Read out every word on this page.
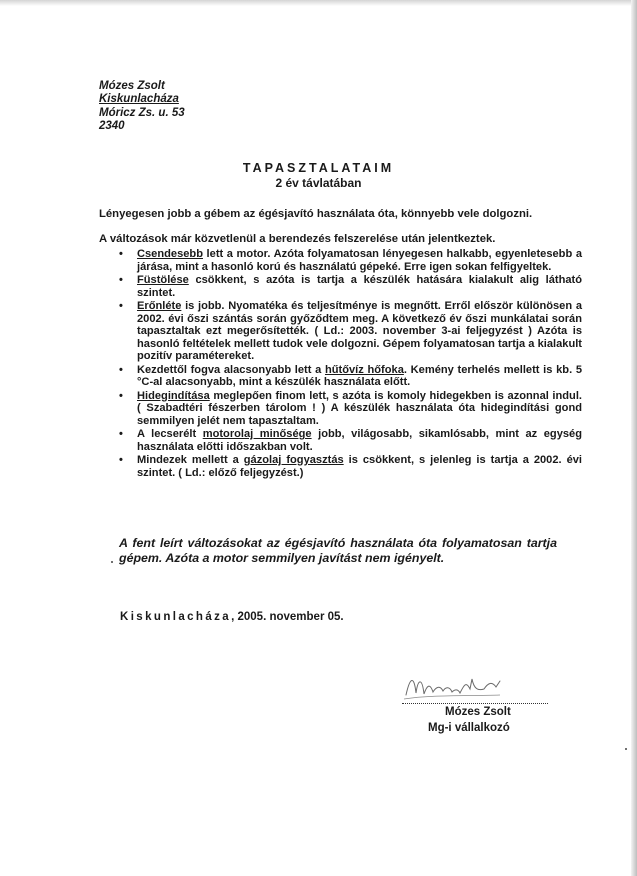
Mózes Zsolt
Kiskunlacháza
Móricz Zs. u. 53
2340
TAPASZTALATAIM
2 év távlatában
Lényegesen jobb a gébem az égésjavító használata óta, könnyebb vele dolgozni.
A változások már közvetlenül a berendezés felszerelése után jelentkeztek.
• Csendesebb lett a motor. Azóta folyamatosan lényegesen halkabb, egyenletesebb a járása, mint a hasonló korú és használatú gépeké. Erre igen sokan felfigyeltek.
• Füstölése csökkent, s azóta is tartja a készülék hatására kialakult alig látható szintet.
• Erőnléte is jobb. Nyomatéka és teljesítménye is megnőtt. Erről először különösen a 2002. évi őszi szántás során győződtem meg. A következő év őszi munkálatai során tapasztaltak ezt megerősítették. ( Ld.: 2003. november 3-ai feljegyzést ) Azóta is hasonló feltételek mellett tudok vele dolgozni. Gépem folyamatosan tartja a kialakult pozitív paramétereket.
• Kezdettől fogva alacsonyabb lett a hűtővíz hőfoka. Kemény terhelés mellett is kb. 5 °C-al alacsonyabb, mint a készülék használata előtt.
• Hidegindítása meglepően finom lett, s azóta is komoly hidegekben is azonnal indul. ( Szabadtéri fészerben tárolom ! ) A készülék használata óta hidegindítási gond semmilyen jelét nem tapasztaltam.
• A lecserélt motorolaj minősége jobb, világosabb, sikamlósabb, mint az egység használata előtti időszakban volt.
• Mindezek mellett a gázolaj fogyasztás is csökkent, s jelenleg is tartja a 2002. évi szintet. ( Ld.: előző feljegyzést.)
A fent leírt változásokat az égésjavító használata óta folyamatosan tartja gépem. Azóta a motor semmilyen javítást nem igényelt.
Kiskunlacháza, 2005. november 05.
Mózes Zsolt
Mg-i vállalkozó
